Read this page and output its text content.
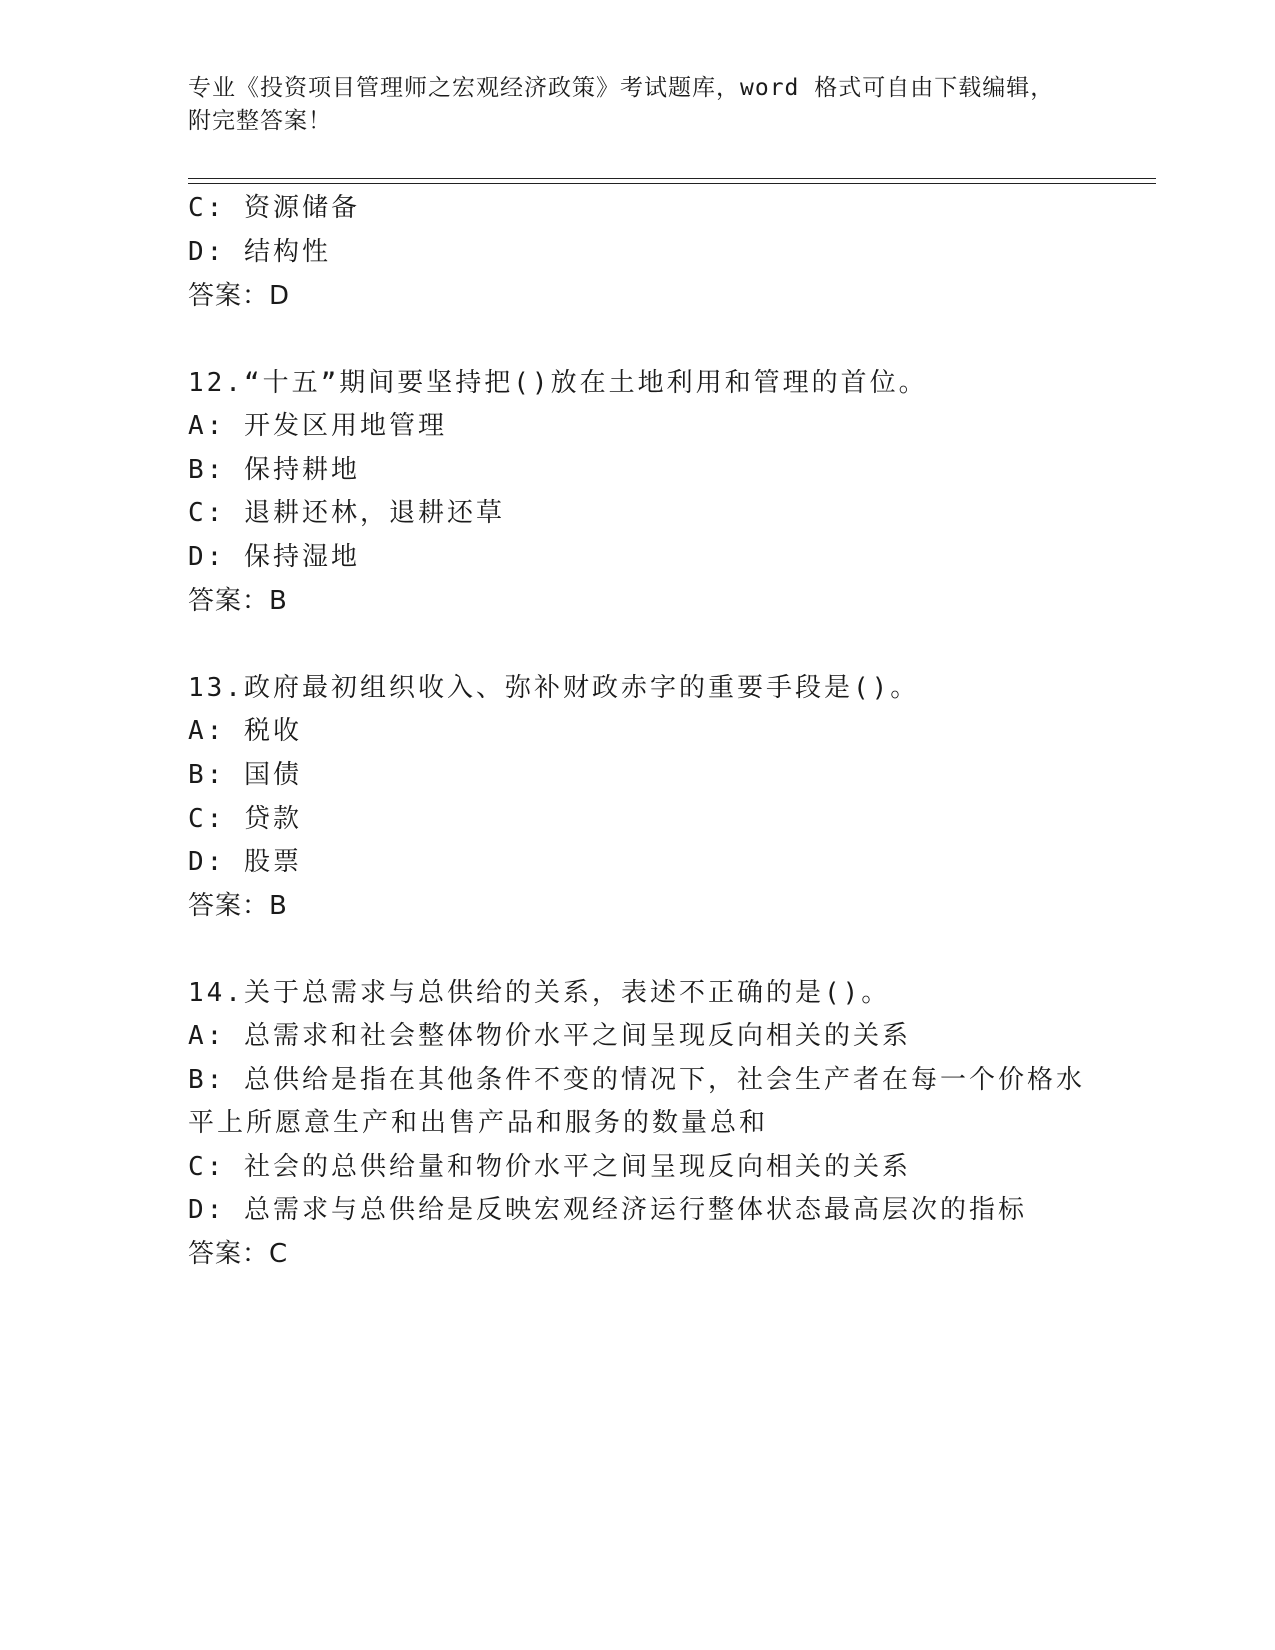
专业《投资项目管理师之宏观经济政策》考试题库，word 格式可自由下载编辑，
附完整答案！
C: 资源储备
D: 结构性
答案：D
12.“十五”期间要坚持把()放在土地利用和管理的首位。
A: 开发区用地管理
B: 保持耕地
C: 退耕还林，退耕还草
D: 保持湿地
答案：B
13.政府最初组织收入、弥补财政赤字的重要手段是()。
A: 税收
B: 国债
C: 贷款
D: 股票
答案：B
14.关于总需求与总供给的关系，表述不正确的是()。
A: 总需求和社会整体物价水平之间呈现反向相关的关系
B: 总供给是指在其他条件不变的情况下，社会生产者在每一个价格水
平上所愿意生产和出售产品和服务的数量总和
C: 社会的总供给量和物价水平之间呈现反向相关的关系
D: 总需求与总供给是反映宏观经济运行整体状态最高层次的指标
答案：C
